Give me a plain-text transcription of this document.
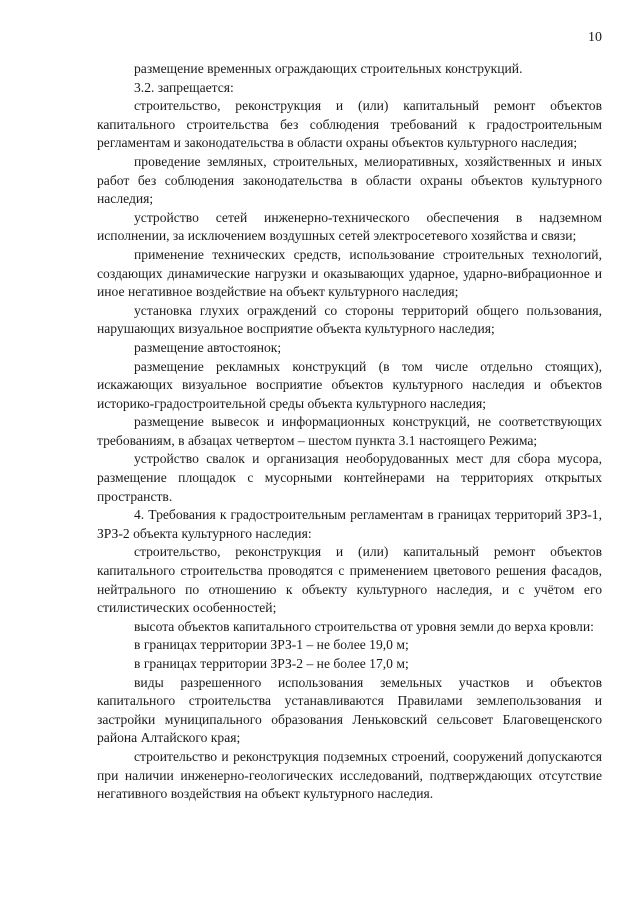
10

размещение временных ограждающих строительных конструкций.

3.2. запрещается:

строительство, реконструкция и (или) капитальный ремонт объектов капитального строительства без соблюдения требований к градостроительным регламентам и законодательства в области охраны объектов культурного наследия;

проведение земляных, строительных, мелиоративных, хозяйственных и иных работ без соблюдения законодательства в области охраны объектов культурного наследия;

устройство сетей инженерно-технического обеспечения в надземном исполнении, за исключением воздушных сетей электросетевого хозяйства и связи;

применение технических средств, использование строительных технологий, создающих динамические нагрузки и оказывающих ударное, ударно-вибрационное и иное негативное воздействие на объект культурного наследия;

установка глухих ограждений со стороны территорий общего пользования, нарушающих визуальное восприятие объекта культурного наследия;

размещение автостоянок;

размещение рекламных конструкций (в том числе отдельно стоящих), искажающих визуальное восприятие объектов культурного наследия и объектов историко-градостроительной среды объекта культурного наследия;

размещение вывесок и информационных конструкций, не соответствующих требованиям, в абзацах четвертом – шестом пункта 3.1 настоящего Режима;

устройство свалок и организация необорудованных мест для сбора мусора, размещение площадок с мусорными контейнерами на территориях открытых пространств.

4. Требования к градостроительным регламентам в границах территорий ЗРЗ-1, ЗРЗ-2 объекта культурного наследия:

строительство, реконструкция и (или) капитальный ремонт объектов капитального строительства проводятся с применением цветового решения фасадов, нейтрального по отношению к объекту культурного наследия, и с учётом его стилистических особенностей;

высота объектов капитального строительства от уровня земли до верха кровли:

в границах территории ЗРЗ-1 – не более 19,0 м;

в границах территории ЗРЗ-2 – не более 17,0 м;

виды разрешенного использования земельных участков и объектов капитального строительства устанавливаются Правилами землепользования и застройки муниципального образования Леньковский сельсовет Благовещенского района Алтайского края;

строительство и реконструкция подземных строений, сооружений допускаются при наличии инженерно-геологических исследований, подтверждающих отсутствие негативного воздействия на объект культурного наследия.
